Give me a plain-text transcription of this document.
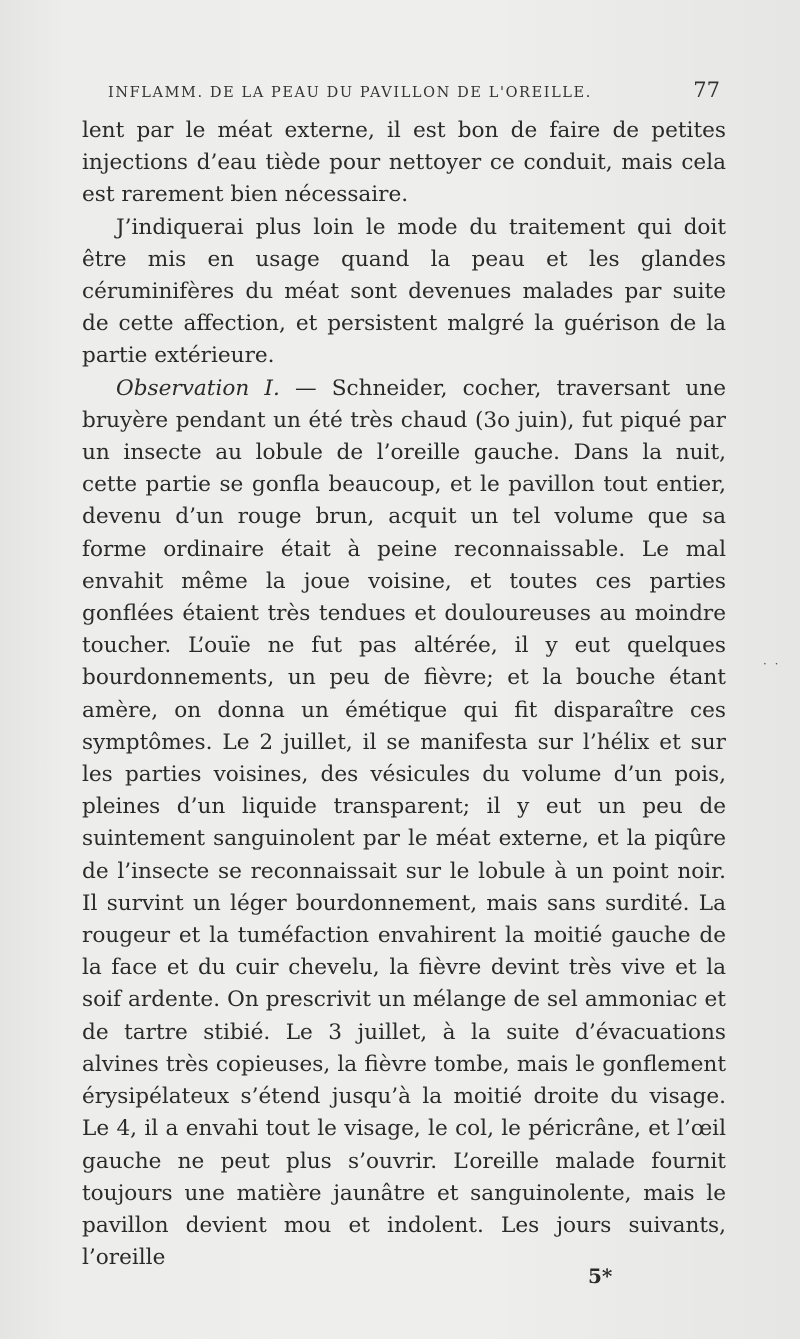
INFLAMM. DE LA PEAU DU PAVILLON DE L'OREILLE.	77

lent par le méat externe, il est bon de faire de petites injections d’eau tiède pour nettoyer ce conduit, mais cela est rarement bien nécessaire.

J’indiquerai plus loin le mode du traitement qui doit être mis en usage quand la peau et les glandes céruminifères du méat sont devenues malades par suite de cette affection, et persistent malgré la guérison de la partie extérieure.

Observation I. — Schneider, cocher, traversant une bruyère pendant un été très chaud (3o juin), fut piqué par un insecte au lobule de l’oreille gauche. Dans la nuit, cette partie se gonfla beaucoup, et le pavillon tout entier, devenu d’un rouge brun, acquit un tel volume que sa forme ordinaire était à peine reconnaissable. Le mal envahit même la joue voisine, et toutes ces parties gonflées étaient très tendues et douloureuses au moindre toucher. L’ouïe ne fut pas altérée, il y eut quelques bourdonnements, un peu de fièvre; et la bouche étant amère, on donna un émétique qui fit disparaître ces symptômes. Le 2 juillet, il se manifesta sur l’hélix et sur les parties voisines, des vésicules du volume d’un pois, pleines d’un liquide transparent; il y eut un peu de suintement sanguinolent par le méat externe, et la piqûre de l’insecte se reconnaissait sur le lobule à un point noir. Il survint un léger bourdonnement, mais sans surdité. La rougeur et la tuméfaction envahirent la moitié gauche de la face et du cuir chevelu, la fièvre devint très vive et la soif ardente. On prescrivit un mélange de sel ammoniac et de tartre stibié. Le 3 juillet, à la suite d’évacuations alvines très copieuses, la fièvre tombe, mais le gonflement érysipélateux s’étend jusqu’à la moitié droite du visage. Le 4, il a envahi tout le visage, le col, le péricrâne, et l’œil gauche ne peut plus s’ouvrir. L’oreille malade fournit toujours une matière jaunâtre et sanguinolente, mais le pavillon devient mou et indolent. Les jours suivants, l’oreille

· ·
5*
